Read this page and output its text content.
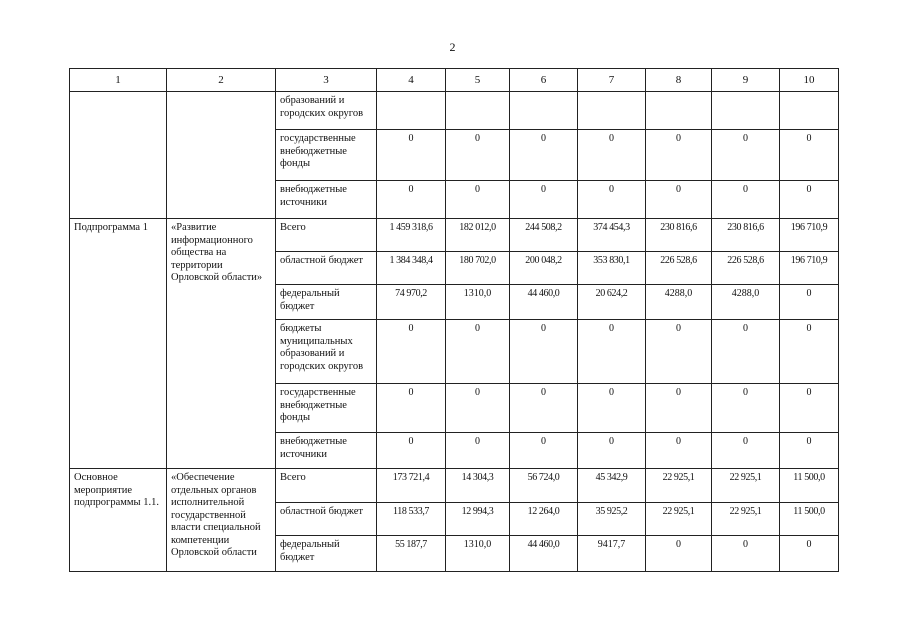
2
1	2	3	4	5	6	7	8	9	10
		образований и городских округов							
		государственные внебюджетные фонды	0	0	0	0	0	0	0
		внебюджетные источники	0	0	0	0	0	0	0
Подпрограмма 1	«Развитие информационного общества на территории Орловской области»	Всего	1 459 318,6	182 012,0	244 508,2	374 454,3	230 816,6	230 816,6	196 710,9
		областной бюджет	1 384 348,4	180 702,0	200 048,2	353 830,1	226 528,6	226 528,6	196 710,9
		федеральный бюджет	74 970,2	1310,0	44 460,0	20 624,2	4288,0	4288,0	0
		бюджеты муниципальных образований и городских округов	0	0	0	0	0	0	0
		государственные внебюджетные фонды	0	0	0	0	0	0	0
		внебюджетные источники	0	0	0	0	0	0	0
Основное мероприятие подпрограммы 1.1.	«Обеспечение отдельных органов исполнительной государственной власти специальной компетенции Орловской области	Всего	173 721,4	14 304,3	56 724,0	45 342,9	22 925,1	22 925,1	11 500,0
		областной бюджет	118 533,7	12 994,3	12 264,0	35 925,2	22 925,1	22 925,1	11 500,0
		федеральный бюджет	55 187,7	1310,0	44 460,0	9417,7	0	0	0
